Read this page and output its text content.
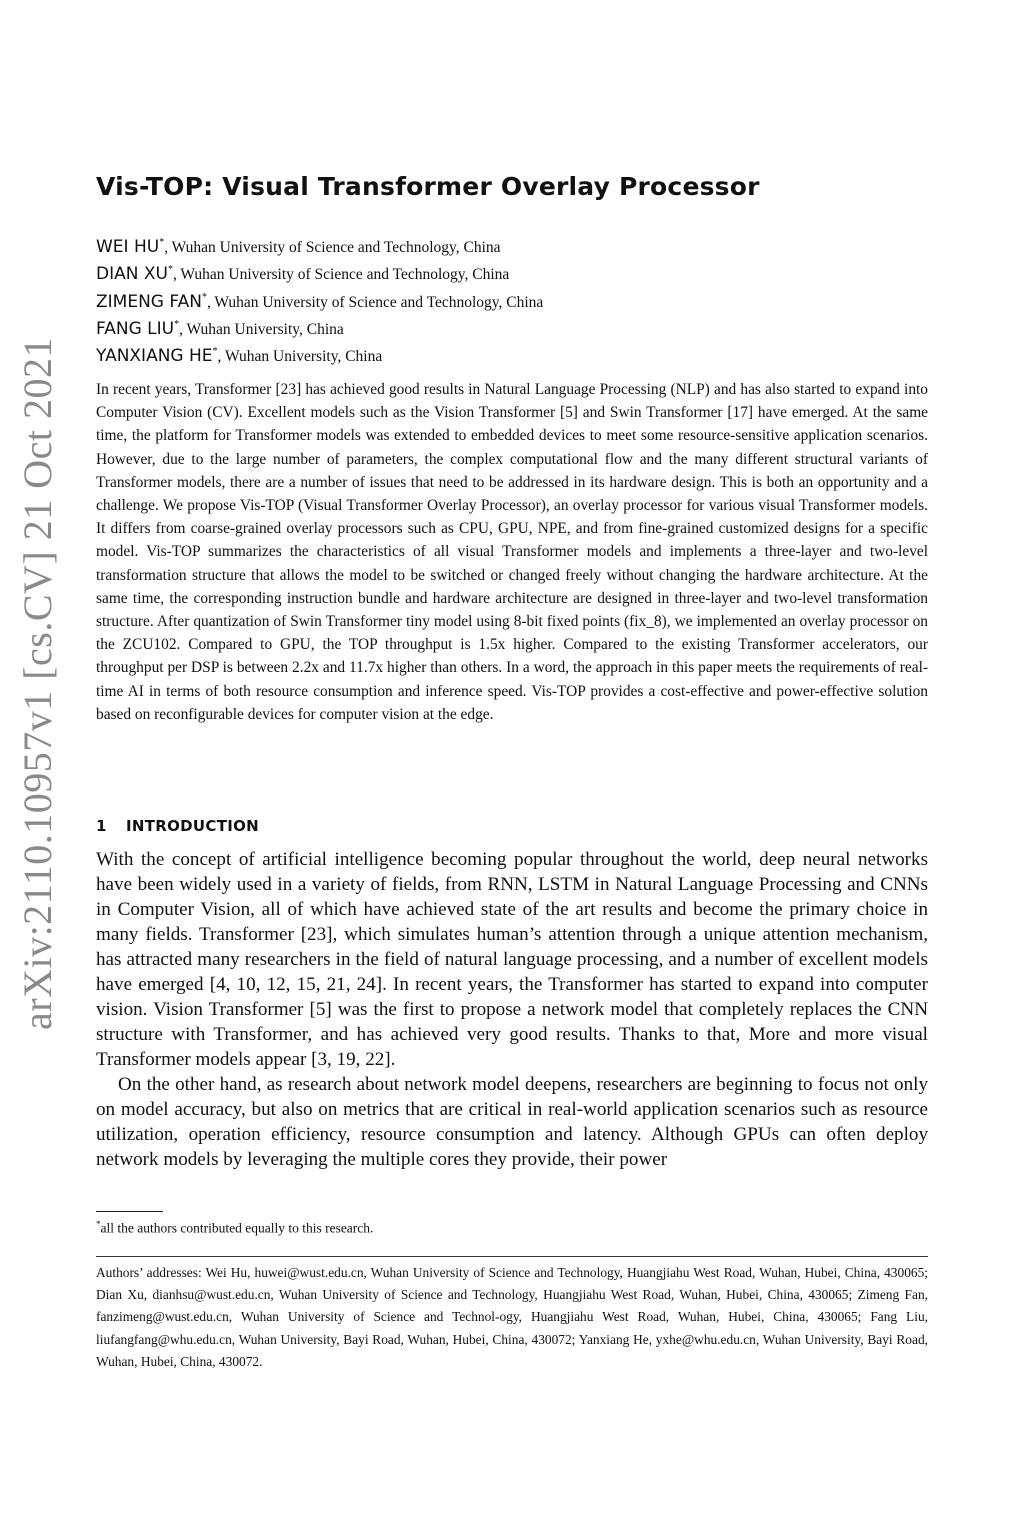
arXiv:2110.10957v1 [cs.CV] 21 Oct 2021
Vis-TOP: Visual Transformer Overlay Processor
WEI HU*, Wuhan University of Science and Technology, China
DIAN XU*, Wuhan University of Science and Technology, China
ZIMENG FAN*, Wuhan University of Science and Technology, China
FANG LIU*, Wuhan University, China
YANXIANG HE*, Wuhan University, China

In recent years, Transformer [23] has achieved good results in Natural Language Processing (NLP) and has also started to expand into Computer Vision (CV). Excellent models such as the Vision Transformer [5] and Swin Transformer [17] have emerged. At the same time, the platform for Transformer models was extended to embedded devices to meet some resource-sensitive application scenarios. However, due to the large number of parameters, the complex computational flow and the many different structural variants of Transformer models, there are a number of issues that need to be addressed in its hardware design. This is both an opportunity and a challenge. We propose Vis-TOP (Visual Transformer Overlay Processor), an overlay processor for various visual Transformer models. It differs from coarse-grained overlay processors such as CPU, GPU, NPE, and from fine-grained customized designs for a specific model. Vis-TOP summarizes the characteristics of all visual Transformer models and implements a three-layer and two-level transformation structure that allows the model to be switched or changed freely without changing the hardware architecture. At the same time, the corresponding instruction bundle and hardware architecture are designed in three-layer and two-level transformation structure. After quantization of Swin Transformer tiny model using 8-bit fixed points (fix_8), we implemented an overlay processor on the ZCU102. Compared to GPU, the TOP throughput is 1.5x higher. Compared to the existing Transformer accelerators, our throughput per DSP is between 2.2x and 11.7x higher than others. In a word, the approach in this paper meets the requirements of real-time AI in terms of both resource consumption and inference speed. Vis-TOP provides a cost-effective and power-effective solution based on reconfigurable devices for computer vision at the edge.

1 INTRODUCTION

With the concept of artificial intelligence becoming popular throughout the world, deep neural networks have been widely used in a variety of fields, from RNN, LSTM in Natural Language Processing and CNNs in Computer Vision, all of which have achieved state of the art results and become the primary choice in many fields. Transformer [23], which simulates human’s attention through a unique attention mechanism, has attracted many researchers in the field of natural language processing, and a number of excellent models have emerged [4, 10, 12, 15, 21, 24]. In recent years, the Transformer has started to expand into computer vision. Vision Transformer [5] was the first to propose a network model that completely replaces the CNN structure with Transformer, and has achieved very good results. Thanks to that, More and more visual Transformer models appear [3, 19, 22].

On the other hand, as research about network model deepens, researchers are beginning to focus not only on model accuracy, but also on metrics that are critical in real-world application scenarios such as resource utilization, operation efficiency, resource consumption and latency. Although GPUs can often deploy network models by leveraging the multiple cores they provide, their power

*all the authors contributed equally to this research.

Authors’ addresses: Wei Hu, huwei@wust.edu.cn, Wuhan University of Science and Technology, Huangjiahu West Road, Wuhan, Hubei, China, 430065; Dian Xu, dianhsu@wust.edu.cn, Wuhan University of Science and Technology, Huangjiahu West Road, Wuhan, Hubei, China, 430065; Zimeng Fan, fanzimeng@wust.edu.cn, Wuhan University of Science and Technol-ogy, Huangjiahu West Road, Wuhan, Hubei, China, 430065; Fang Liu, liufangfang@whu.edu.cn, Wuhan University, Bayi Road, Wuhan, Hubei, China, 430072; Yanxiang He, yxhe@whu.edu.cn, Wuhan University, Bayi Road, Wuhan, Hubei, China, 430072.
